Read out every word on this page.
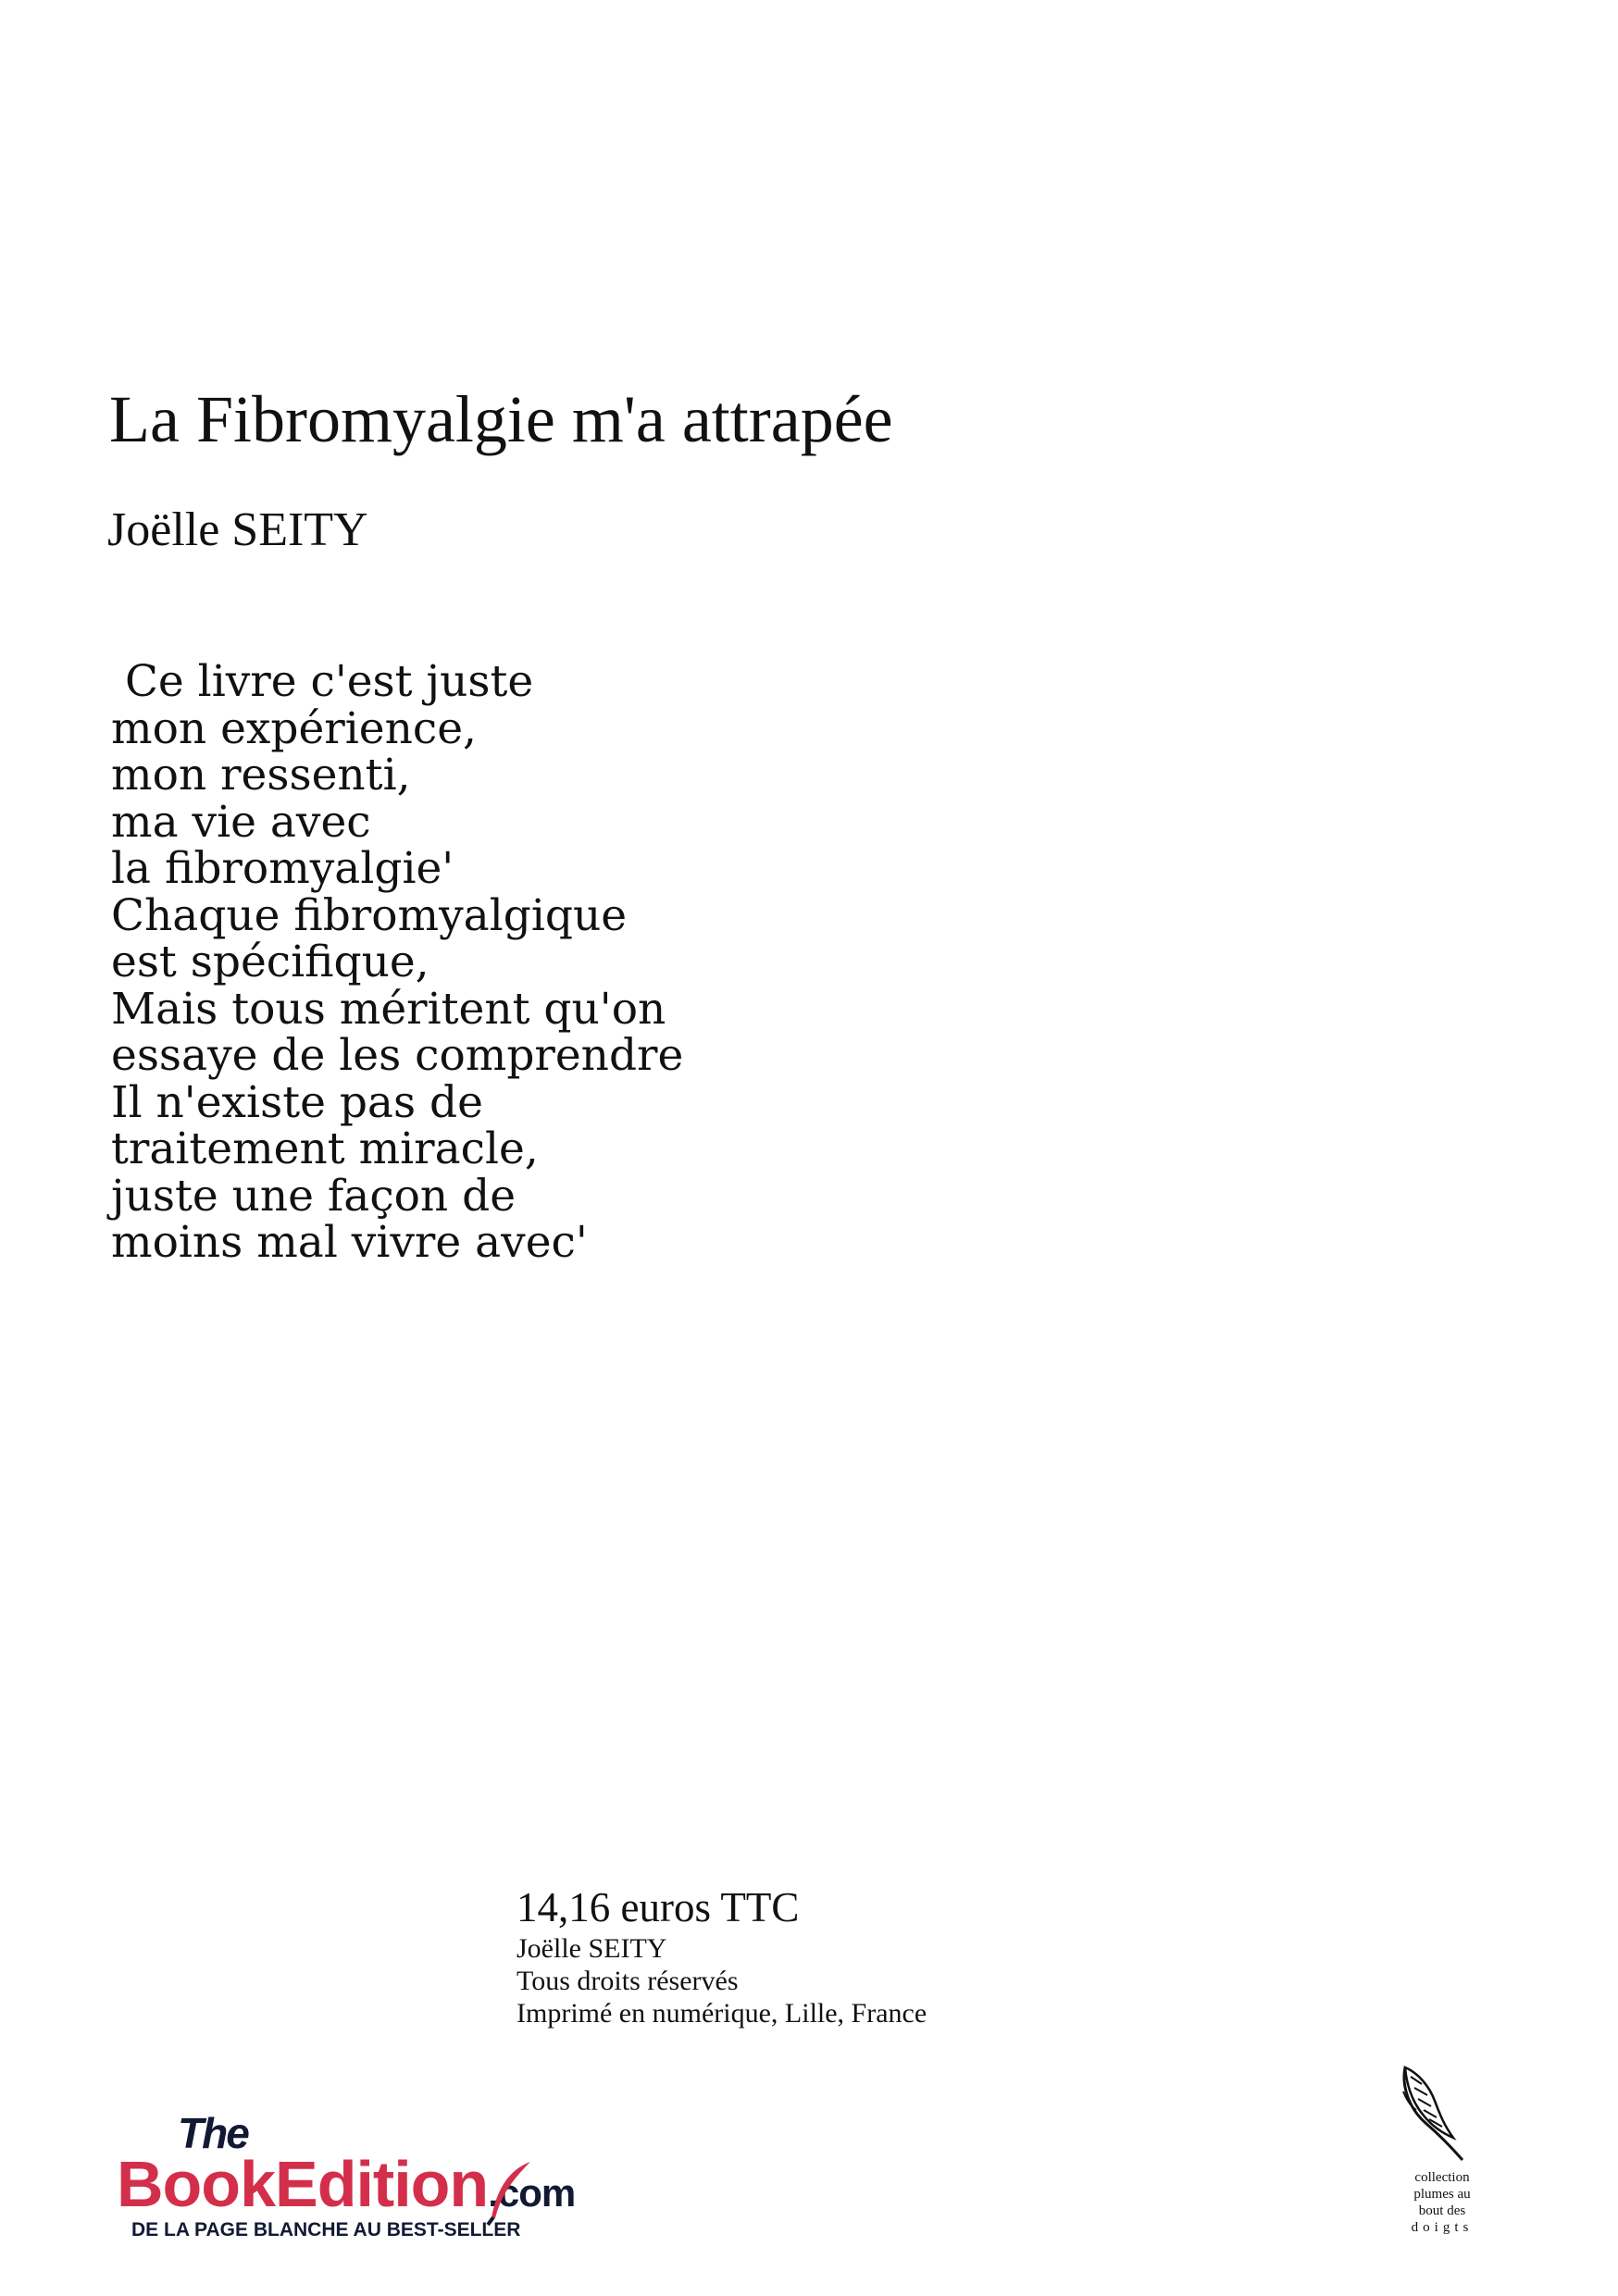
La Fibromyalgie m'a attrapée
Joëlle SEITY
Ce livre c'est juste
mon expérience,
mon ressenti,
ma vie avec
la fibromyalgie'
Chaque fibromyalgique
est spécifique,
Mais tous méritent qu'on
essaye de les comprendre
Il n'existe pas de
traitement miracle,
juste une façon de
moins mal vivre avec'
14,16 euros TTC
Joëlle SEITY
Tous droits réservés
Imprimé en numérique, Lille, France
The
BookEdition.com
DE LA PAGE BLANCHE AU BEST-SELLER
collection
plumes au
bout des
doigts
